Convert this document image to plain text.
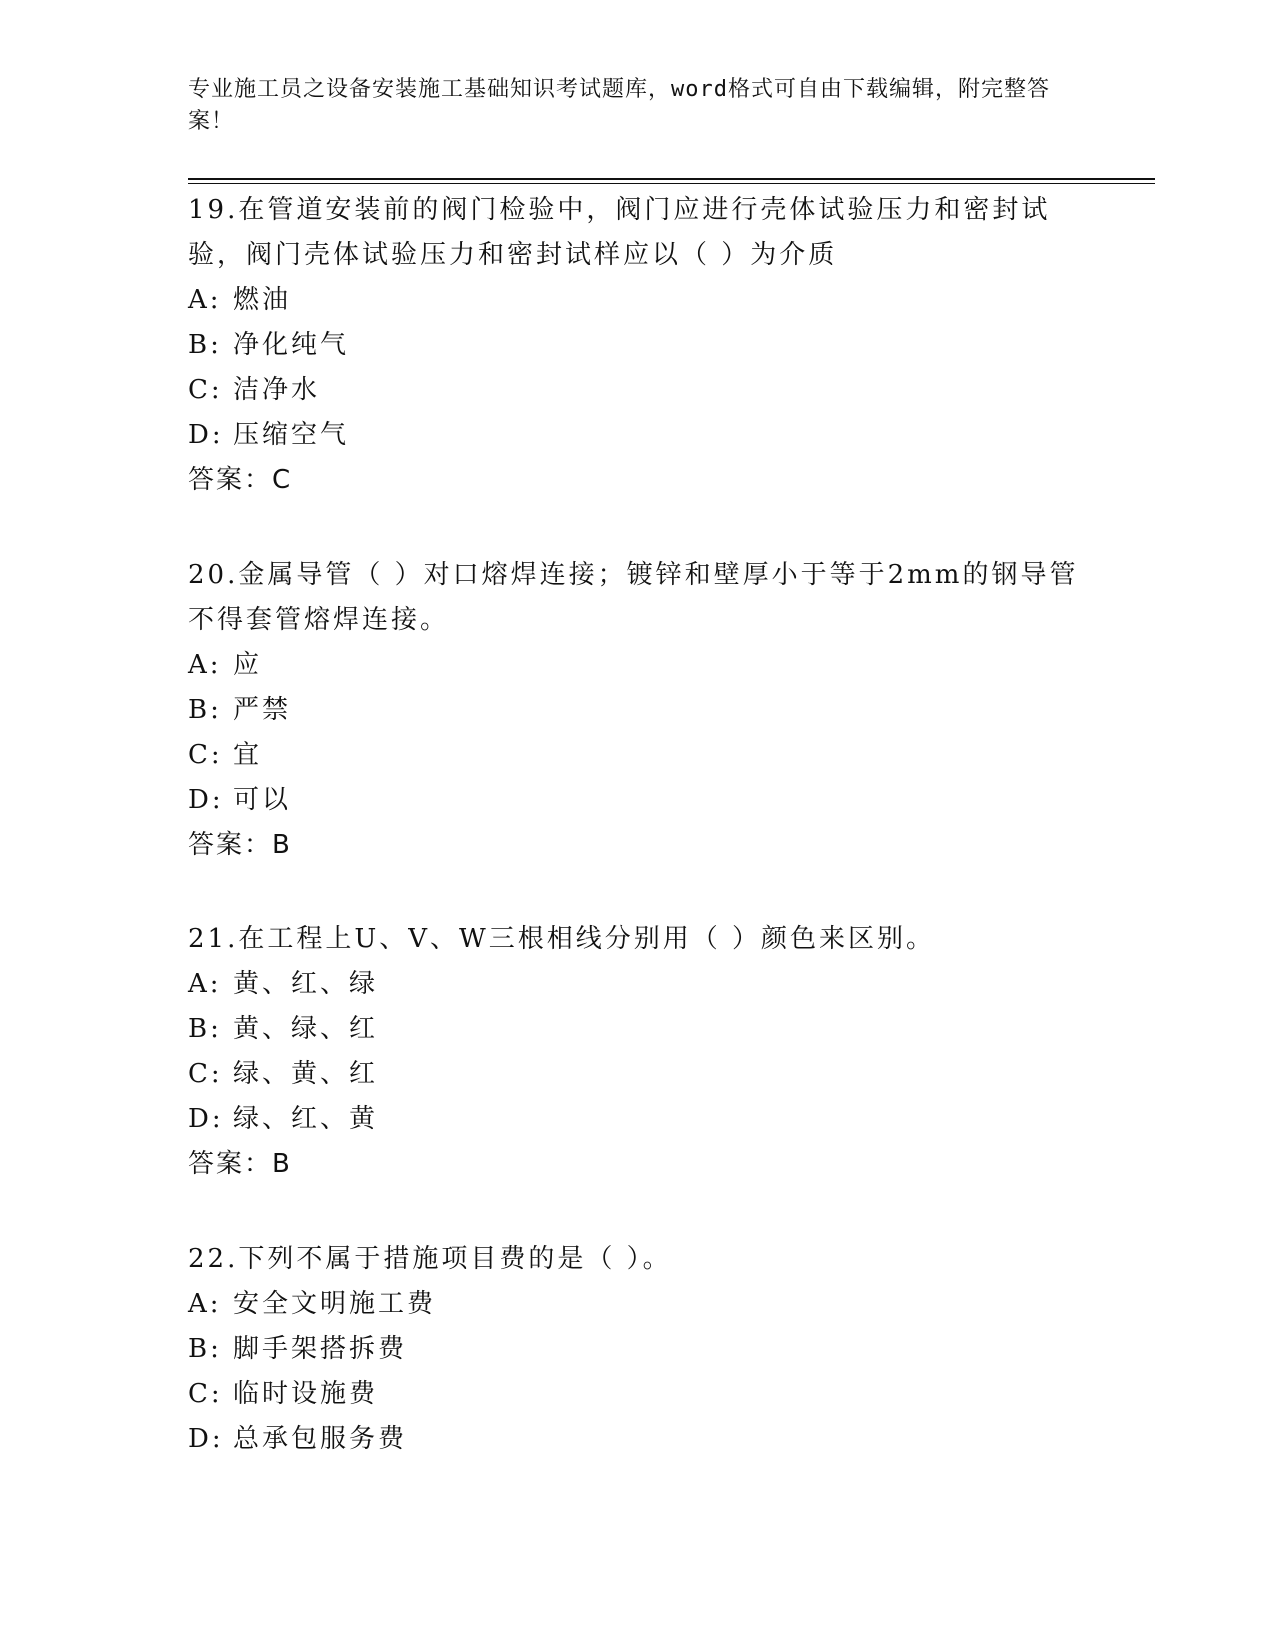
专业施工员之设备安装施工基础知识考试题库，word格式可自由下载编辑，附完整答案！
19.在管道安装前的阀门检验中，阀门应进行壳体试验压力和密封试验，阀门壳体试验压力和密封试样应以（ ）为介质
A: 燃油
B: 净化纯气
C: 洁净水
D: 压缩空气
答案：C
20.金属导管（ ）对口熔焊连接；镀锌和壁厚小于等于2mm的钢导管不得套管熔焊连接。
A: 应
B: 严禁
C: 宜
D: 可以
答案：B
21.在工程上U、V、W三根相线分别用（ ）颜色来区别。
A: 黄、红、绿
B: 黄、绿、红
C: 绿、黄、红
D: 绿、红、黄
答案：B
22.下列不属于措施项目费的是（ ）。
A: 安全文明施工费
B: 脚手架搭拆费
C: 临时设施费
D: 总承包服务费
